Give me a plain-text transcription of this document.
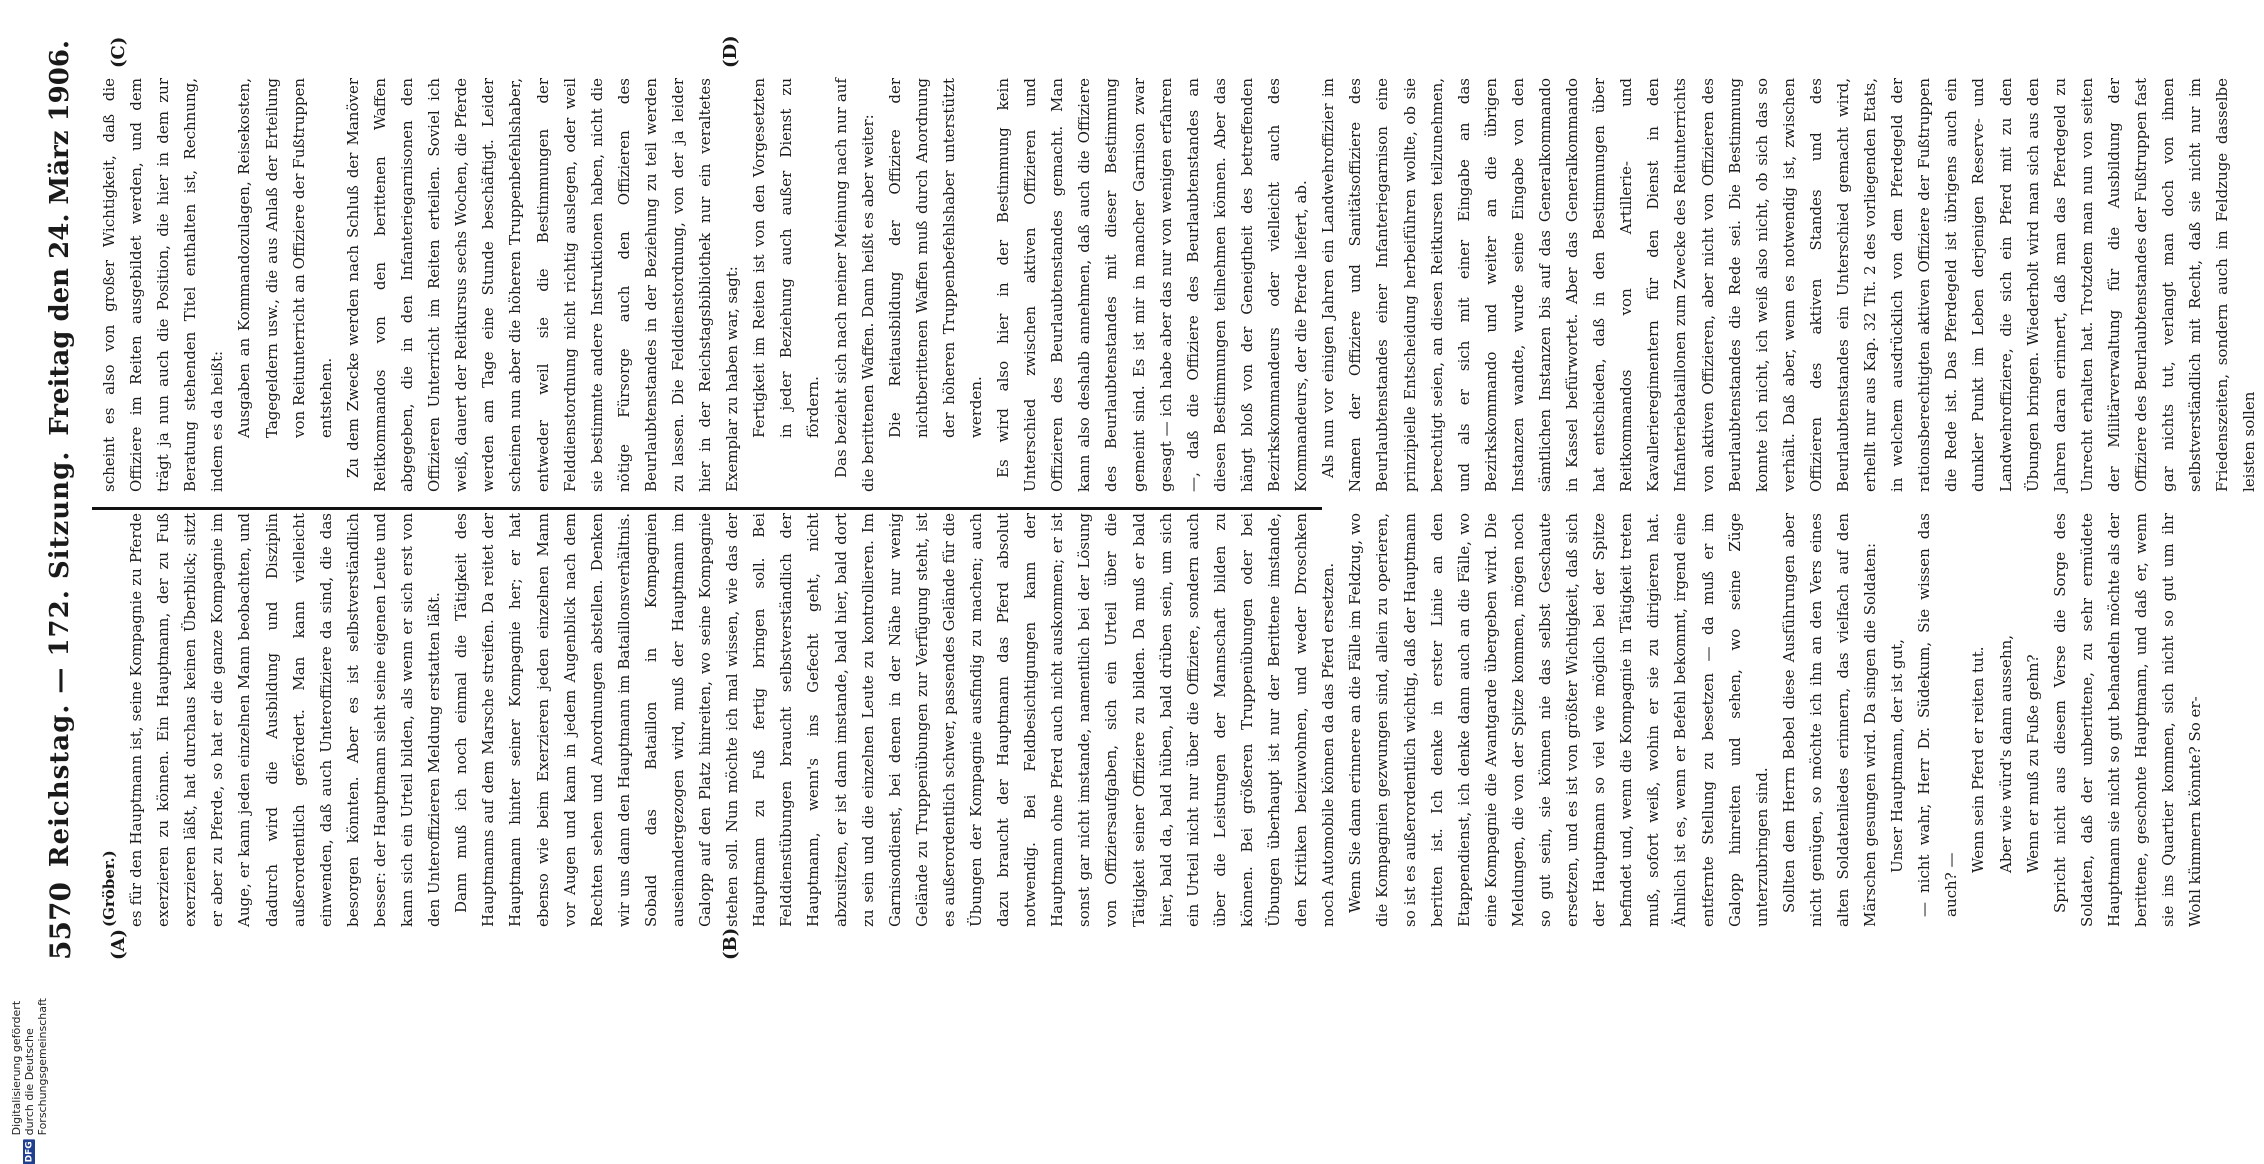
5570
Reichstag. — 172. Sitzung.
Freitag den 24. März 1906.
(A)	(B)
(C)	(D)

(Gröber.) es für den Hauptmann ist, seine Kompagnie zu Pferde exerzieren zu können. Ein Hauptmann, der zu Fuß exerzieren läßt, hat durchaus keinen Überblick; sitzt er aber zu Pferde, so hat er die ganze Kompagnie im Auge, er kann jeden einzelnen Mann beobachten, und dadurch wird die Ausbildung und Disziplin außerordentlich gefördert. Man kann vielleicht einwenden, daß auch Unteroffiziere da sind, die das besorgen könnten. Aber es ist selbstverständlich besser: der Hauptmann sieht seine eigenen Leute und kann sich ein Urteil bilden, als wenn er sich erst von den Unteroffizieren Meldung erstatten läßt. Dann muß ich noch einmal die Tätigkeit des Hauptmanns auf dem Marsche streifen. Da reitet der Hauptmann hinter seiner Kompagnie her; er hat ebenso wie beim Exerzieren jeden einzelnen Mann vor Augen und kann in jedem Augenblick nach dem Rechten sehen und Anordnungen abstellen. Denken wir uns dann den Hauptmann im Bataillonsverhältnis. Sobald das Bataillon in Kompagnien auseinandergezogen wird, muß der Hauptmann im Galopp auf den Platz hinreiten, wo seine Kompagnie stehen soll. Nun möchte ich mal wissen, wie das der Hauptmann zu Fuß fertig bringen soll. Bei Felddienstübungen braucht selbstverständlich der Hauptmann, wenn's ins Gefecht geht, nicht abzusitzen, er ist dann imstande, bald hier, bald dort zu sein und die einzelnen Leute zu kontrollieren. Im Garnisondienst, bei denen in der Nähe nur wenig Gelände zu Truppenübungen zur Verfügung steht, ist es außerordentlich schwer, passendes Gelände für die Übungen der Kompagnie ausfindig zu machen; auch dazu braucht der Hauptmann das Pferd absolut notwendig. Bei Feldbesichtigungen kann der Hauptmann ohne Pferd auch nicht auskommen; er ist sonst gar nicht imstande, namentlich bei der Lösung von Offiziersaufgaben, sich ein Urteil über die Tätigkeit seiner Offiziere zu bilden. Da muß er bald hier, bald da, bald hüben, bald drüben sein, um sich ein Urteil nicht nur über die Offiziere, sondern auch über die Leistungen der Mannschaft bilden zu können. Bei größeren Truppenübungen oder bei Übungen überhaupt ist nur der Berittene imstande, den Kritiken beizuwohnen, und weder Droschken noch Automobile können da das Pferd ersetzen. Wenn Sie dann erinnere an die Fälle im Feldzug, wo die Kompagnien gezwungen sind, allein zu operieren, so ist es außerordentlich wichtig, daß der Hauptmann beritten ist. Ich denke in erster Linie an den Etappendienst, ich denke dann auch an die Fälle, wo eine Kompagnie die Avantgarde übergeben wird. Die Meldungen, die von der Spitze kommen, mögen noch so gut sein, sie können nie das selbst Geschaute ersetzen, und es ist von größter Wichtigkeit, daß sich der Hauptmann so viel wie möglich bei der Spitze befindet und, wenn die Kompagnie in Tätigkeit treten muß, sofort weiß, wohin er sie zu dirigieren hat. Ähnlich ist es, wenn er Befehl bekommt, irgend eine entfernte Stellung zu besetzen — da muß er im Galopp hinreiten und sehen, wo seine Züge unterzubringen sind. Sollten dem Herrn Bebel diese Ausführungen aber nicht genügen, so möchte ich ihn an den Vers eines alten Soldatenliedes erinnern, das vielfach auf den Märschen gesungen wird. Da singen die Soldaten: Unser Hauptmann, der ist gut, — nicht wahr, Herr Dr. Südekum, Sie wissen das auch? —

Wenn sein Pferd er reiten tut. Aber wie würd's dann aussehn, Wenn er muß zu Fuße gehn? Spricht nicht aus diesem Verse die Sorge des Soldaten, daß der unberittene, zu sehr ermüdete Hauptmann sie nicht so gut behandeln möchte als der berittene, geschonte Hauptmann, und daß er, wenn sie ins Quartier kommen, sich nicht so gut um ihr Wohl kümmern könnte? So er-

scheint es also von großer Wichtigkeit, daß die Offiziere im Reiten ausgebildet werden, und dem trägt ja nun auch die Position, die hier in dem zur Beratung stehenden Titel enthalten ist, Rechnung, indem es da heißt: Ausgaben an Kommandozulagen, Reisekosten, Tagegeldern usw., die aus Anlaß der Erteilung von Reitunterricht an Offiziere der Fußtruppen entstehen. Zu dem Zwecke werden nach Schluß der Manöver Reitkommandos von den berittenen Waffen abgegeben, die in den Infanteriegarnisonen den Offizieren Unterricht im Reiten erteilen. Soviel ich weiß, dauert der Reitkursus sechs Wochen, die Pferde werden am Tage eine Stunde beschäftigt. Leider scheinen nun aber die höheren Truppenbefehlshaber, entweder weil sie die Bestimmungen der Felddienstordnung nicht richtig auslegen, oder weil sie bestimmte andere Instruktionen haben, nicht die nötige Fürsorge auch den Offizieren des Beurlaubtenstandes in der Beziehung zu teil werden zu lassen. Die Felddienstordnung, von der ja leider hier in der Reichstagsbibliothek nur ein veraltetes Exemplar zu haben war, sagt: Fertigkeit im Reiten ist von den Vorgesetzten in jeder Beziehung auch außer Dienst zu fördern. Das bezieht sich nach meiner Meinung nach nur auf die berittenen Waffen. Dann heißt es aber weiter: Die Reitausbildung der Offiziere der nichtberittenen Waffen muß durch Anordnung der höheren Truppenbefehlshaber unterstützt werden. Es wird also hier in der Bestimmung kein Unterschied zwischen aktiven Offizieren und Offizieren des Beurlaubtenstandes gemacht. Man kann also deshalb annehmen, daß auch die Offiziere des Beurlaubtenstandes mit dieser Bestimmung gemeint sind. Es ist mir in mancher Garnison zwar gesagt — ich habe aber das nur von wenigen erfahren —, daß die Offiziere des Beurlaubtenstandes an diesen Bestimmungen teilnehmen können. Aber das hängt bloß von der Geneigtheit des betreffenden Bezirkskommandeurs oder vielleicht auch des Kommandeurs, der die Pferde liefert, ab. Als nun vor einigen Jahren ein Landwehroffizier im Namen der Offiziere und Sanitätsoffiziere des Beurlaubtenstandes einer Infanteriegarnison eine prinzipielle Entscheidung herbeiführen wollte, ob sie berechtigt seien, an diesen Reitkursen teilzunehmen, und als er sich mit einer Eingabe an das Bezirkskommando und weiter an die übrigen Instanzen wandte, wurde seine Eingabe von den sämtlichen Instanzen bis auf das Generalkommando in Kassel befürwortet. Aber das Generalkommando hat entschieden, daß in den Bestimmungen über Reitkommandos von Artillerie- und Kavallerieregimentern für den Dienst in den Infanteriebataillonen zum Zwecke des Reitunterrichts von aktiven Offizieren, aber nicht von Offizieren des Beurlaubtenstandes die Rede sei. Die Bestimmung konnte ich nicht, ich weiß also nicht, ob sich das so verhält. Daß aber, wenn es notwendig ist, zwischen Offizieren des aktiven Standes und des Beurlaubtenstandes ein Unterschied gemacht wird, erhellt nur aus Kap. 32 Tit. 2 des vorliegenden Etats, in welchem ausdrücklich von dem Pferdegeld der rationsberechtigten aktiven Offiziere der Fußtruppen die Rede ist. Das Pferdegeld ist übrigens auch ein dunkler Punkt im Leben derjenigen Reserve- und Landwehroffiziere, die sich ein Pferd mit zu den Übungen bringen. Wiederholt wird man sich aus den Jahren daran erinnert, daß man das Pferdegeld zu Unrecht erhalten hat. Trotzdem man nun von seiten der Militärverwaltung für die Ausbildung der Offiziere des Beurlaubtenstandes der Fußtruppen fast gar nichts tut, verlangt man doch von ihnen selbstverständlich mit Recht, daß sie nicht nur im Friedenszeiten, sondern auch im Feldzuge dasselbe leisten sollen

DFG
Digitalisierung gefördert durch die Deutsche Forschungsgemeinschaft
